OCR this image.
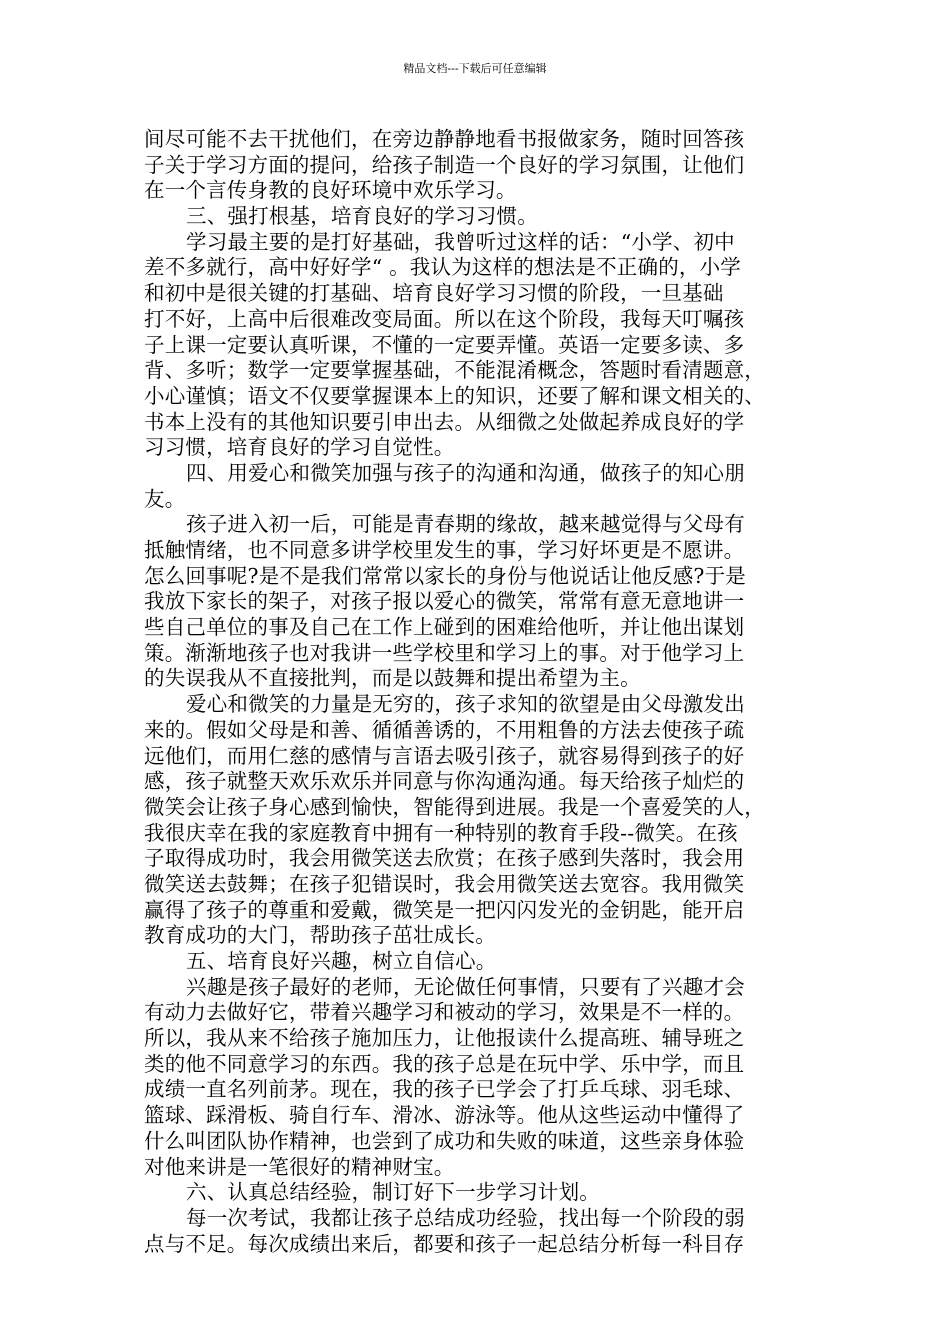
精品文档---下载后可任意编辑
间尽可能不去干扰他们，在旁边静静地看书报做家务，随时回答孩
子关于学习方面的提问，给孩子制造一个良好的学习氛围，让他们
在一个言传身教的良好环境中欢乐学习。
三、强打根基，培育良好的学习习惯。
学习最主要的是打好基础，我曾听过这样的话：“小学、初中
差不多就行，高中好好学“ 。我认为这样的想法是不正确的，小学
和初中是很关键的打基础、培育良好学习习惯的阶段，一旦基础
打不好，上高中后很难改变局面。所以在这个阶段，我每天叮嘱孩
子上课一定要认真听课，不懂的一定要弄懂。英语一定要多读、多
背、多听；数学一定要掌握基础，不能混淆概念，答题时看清题意，
小心谨慎；语文不仅要掌握课本上的知识，还要了解和课文相关的、
书本上没有的其他知识要引申出去。从细微之处做起养成良好的学
习习惯，培育良好的学习自觉性。
四、用爱心和微笑加强与孩子的沟通和沟通，做孩子的知心朋
友。
孩子进入初一后，可能是青春期的缘故，越来越觉得与父母有
抵触情绪，也不同意多讲学校里发生的事，学习好坏更是不愿讲。
怎么回事呢?是不是我们常常以家长的身份与他说话让他反感?于是
我放下家长的架子，对孩子报以爱心的微笑，常常有意无意地讲一
些自己单位的事及自己在工作上碰到的困难给他听，并让他出谋划
策。渐渐地孩子也对我讲一些学校里和学习上的事。对于他学习上
的失误我从不直接批判，而是以鼓舞和提出希望为主。
爱心和微笑的力量是无穷的，孩子求知的欲望是由父母激发出
来的。假如父母是和善、循循善诱的，不用粗鲁的方法去使孩子疏
远他们，而用仁慈的感情与言语去吸引孩子，就容易得到孩子的好
感，孩子就整天欢乐欢乐并同意与你沟通沟通。每天给孩子灿烂的
微笑会让孩子身心感到愉快，智能得到进展。我是一个喜爱笑的人，
我很庆幸在我的家庭教育中拥有一种特别的教育手段--微笑。在孩
子取得成功时，我会用微笑送去欣赏；在孩子感到失落时，我会用
微笑送去鼓舞；在孩子犯错误时，我会用微笑送去宽容。我用微笑
赢得了孩子的尊重和爱戴，微笑是一把闪闪发光的金钥匙，能开启
教育成功的大门，帮助孩子茁壮成长。
五、培育良好兴趣，树立自信心。
兴趣是孩子最好的老师，无论做任何事情，只要有了兴趣才会
有动力去做好它，带着兴趣学习和被动的学习，效果是不一样的。
所以，我从来不给孩子施加压力，让他报读什么提高班、辅导班之
类的他不同意学习的东西。我的孩子总是在玩中学、乐中学，而且
成绩一直名列前茅。现在，我的孩子已学会了打乒乓球、羽毛球、
篮球、踩滑板、骑自行车、滑冰、游泳等。他从这些运动中懂得了
什么叫团队协作精神，也尝到了成功和失败的味道，这些亲身体验
对他来讲是一笔很好的精神财宝。
六、认真总结经验，制订好下一步学习计划。
每一次考试，我都让孩子总结成功经验，找出每一个阶段的弱
点与不足。每次成绩出来后，都要和孩子一起总结分析每一科目存
